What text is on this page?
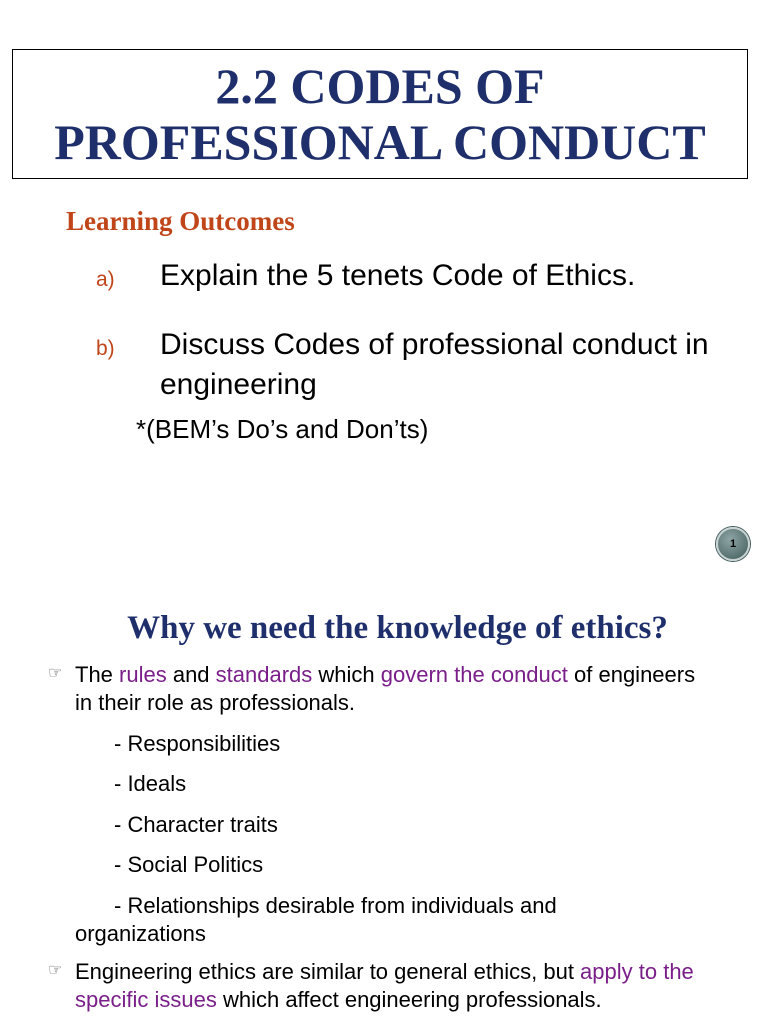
2.2 CODES OF
PROFESSIONAL CONDUCT
Learning Outcomes
a) Explain the 5 tenets Code of Ethics.
b) Discuss Codes of professional conduct in engineering
*(BEM’s Do’s and Don’ts)
1
Why we need the knowledge of ethics?
☞ The rules and standards which govern the conduct of engineers in their role as professionals.
- Responsibilities
- Ideals
- Character traits
- Social Politics
- Relationships desirable from individuals and organizations
☞ Engineering ethics are similar to general ethics, but apply to the specific issues which affect engineering professionals.
